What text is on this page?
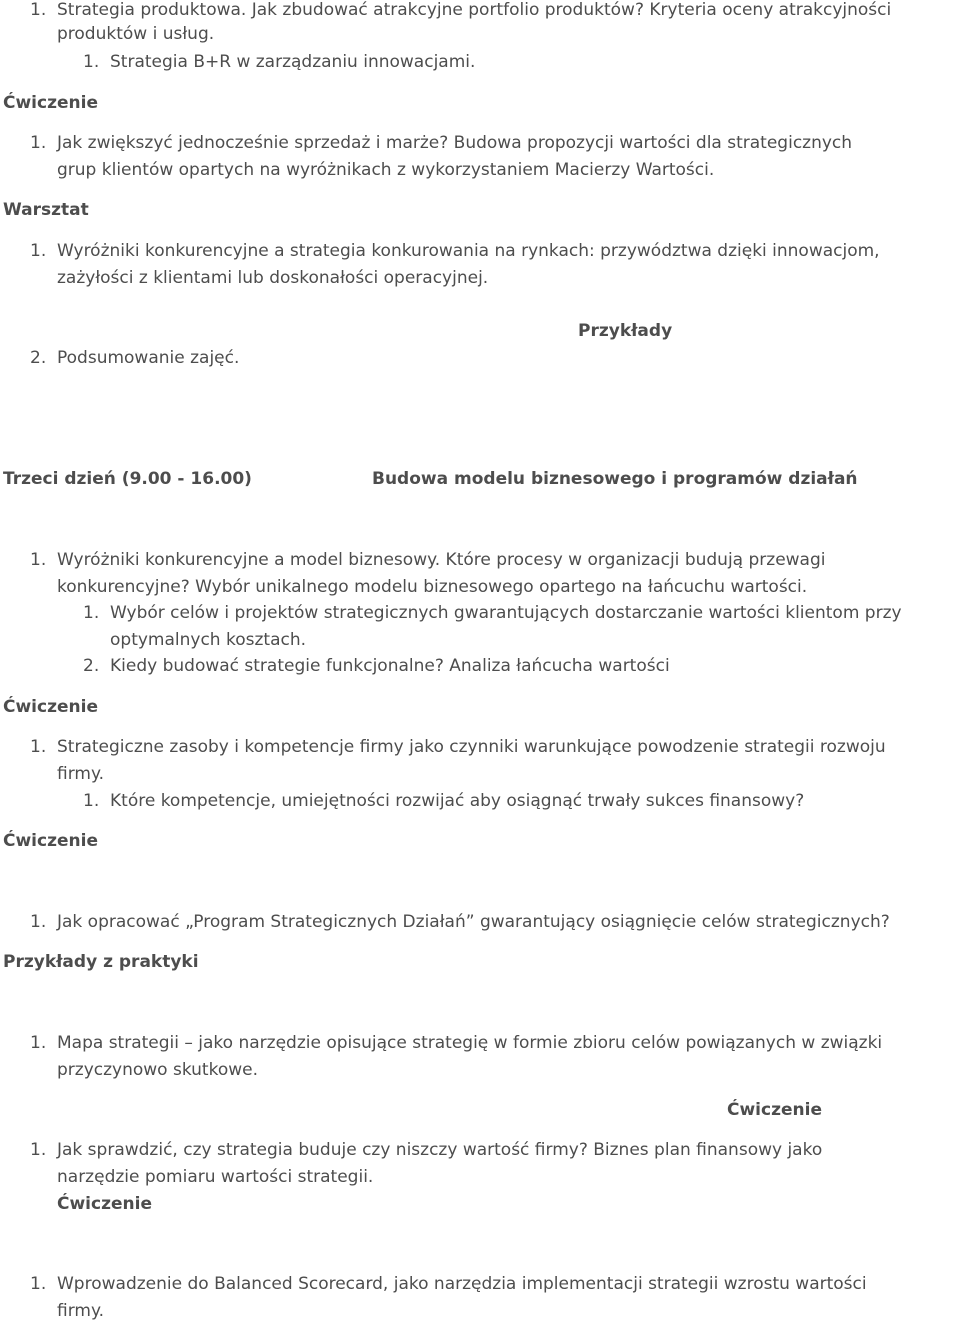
1. Strategia produktowa. Jak zbudować atrakcyjne portfolio produktów? Kryteria oceny atrakcyjności
produktów i usług.
1. Strategia B+R w zarządzaniu innowacjami.
Ćwiczenie
1. Jak zwiększyć jednocześnie sprzedaż i marże? Budowa propozycji wartości dla strategicznych
grup klientów opartych na wyróżnikach z wykorzystaniem Macierzy Wartości.
Warsztat
1. Wyróżniki konkurencyjne a strategia konkurowania na rynkach: przywództwa dzięki innowacjom,
zażyłości z klientami lub doskonałości operacyjnej.
Przykłady
2. Podsumowanie zajęć.
Trzeci dzień (9.00 - 16.00)	Budowa modelu biznesowego i programów działań
1. Wyróżniki konkurencyjne a model biznesowy. Które procesy w organizacji budują przewagi
konkurencyjne? Wybór unikalnego modelu biznesowego opartego na łańcuchu wartości.
1. Wybór celów i projektów strategicznych gwarantujących dostarczanie wartości klientom przy
optymalnych kosztach.
2. Kiedy budować strategie funkcjonalne? Analiza łańcucha wartości
Ćwiczenie
1. Strategiczne zasoby i kompetencje firmy jako czynniki warunkujące powodzenie strategii rozwoju
firmy.
1. Które kompetencje, umiejętności rozwijać aby osiągnąć trwały sukces finansowy?
Ćwiczenie
1. Jak opracować „Program Strategicznych Działań” gwarantujący osiągnięcie celów strategicznych?
Przykłady z praktyki
1. Mapa strategii – jako narzędzie opisujące strategię w formie zbioru celów powiązanych w związki
przyczynowo skutkowe.
Ćwiczenie
1. Jak sprawdzić, czy strategia buduje czy niszczy wartość firmy? Biznes plan finansowy jako
narzędzie pomiaru wartości strategii.
Ćwiczenie
1. Wprowadzenie do Balanced Scorecard, jako narzędzia implementacji strategii wzrostu wartości
firmy.
